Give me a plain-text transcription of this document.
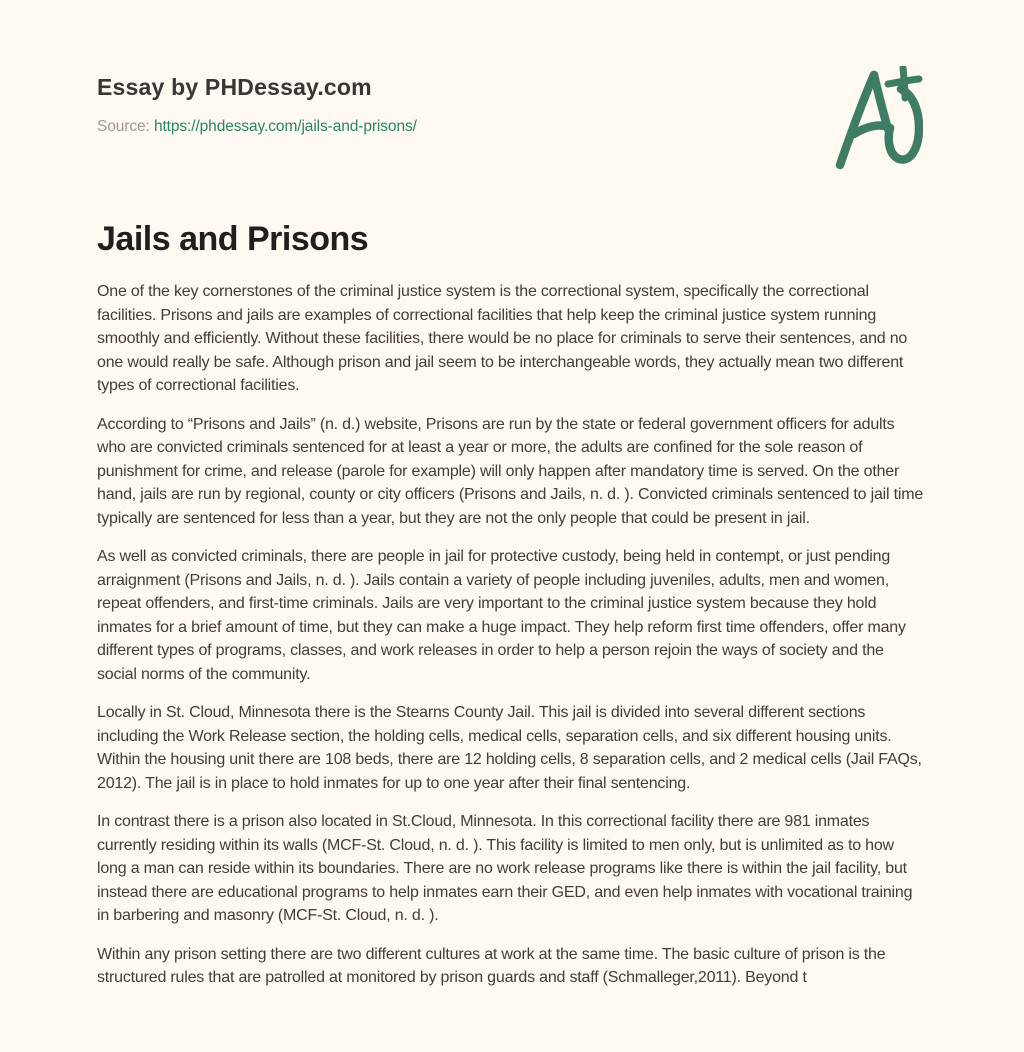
Essay by PHDessay.com
Source: https://phdessay.com/jails-and-prisons/
Jails and Prisons

One of the key cornerstones of the criminal justice system is the correctional system, specifically the correctional facilities. Prisons and jails are examples of correctional facilities that help keep the criminal justice system running smoothly and efficiently. Without these facilities, there would be no place for criminals to serve their sentences, and no one would really be safe. Although prison and jail seem to be interchangeable words, they actually mean two different types of correctional facilities.

According to “Prisons and Jails” (n. d.) website, Prisons are run by the state or federal government officers for adults who are convicted criminals sentenced for at least a year or more, the adults are confined for the sole reason of punishment for crime, and release (parole for example) will only happen after mandatory time is served. On the other hand, jails are run by regional, county or city officers (Prisons and Jails, n. d. ). Convicted criminals sentenced to jail time typically are sentenced for less than a year, but they are not the only people that could be present in jail.

As well as convicted criminals, there are people in jail for protective custody, being held in contempt, or just pending arraignment (Prisons and Jails, n. d. ). Jails contain a variety of people including juveniles, adults, men and women, repeat offenders, and first-time criminals. Jails are very important to the criminal justice system because they hold inmates for a brief amount of time, but they can make a huge impact. They help reform first time offenders, offer many different types of programs, classes, and work releases in order to help a person rejoin the ways of society and the social norms of the community.

Locally in St. Cloud, Minnesota there is the Stearns County Jail. This jail is divided into several different sections including the Work Release section, the holding cells, medical cells, separation cells, and six different housing units. Within the housing unit there are 108 beds, there are 12 holding cells, 8 separation cells, and 2 medical cells (Jail FAQs, 2012). The jail is in place to hold inmates for up to one year after their final sentencing.

In contrast there is a prison also located in St.Cloud, Minnesota. In this correctional facility there are 981 inmates currently residing within its walls (MCF-St. Cloud, n. d. ). This facility is limited to men only, but is unlimited as to how long a man can reside within its boundaries. There are no work release programs like there is within the jail facility, but instead there are educational programs to help inmates earn their GED, and even help inmates with vocational training in barbering and masonry (MCF-St. Cloud, n. d. ).

Within any prison setting there are two different cultures at work at the same time. The basic culture of prison is the structured rules that are patrolled at monitored by prison guards and staff (Schmalleger,2011). Beyond t
